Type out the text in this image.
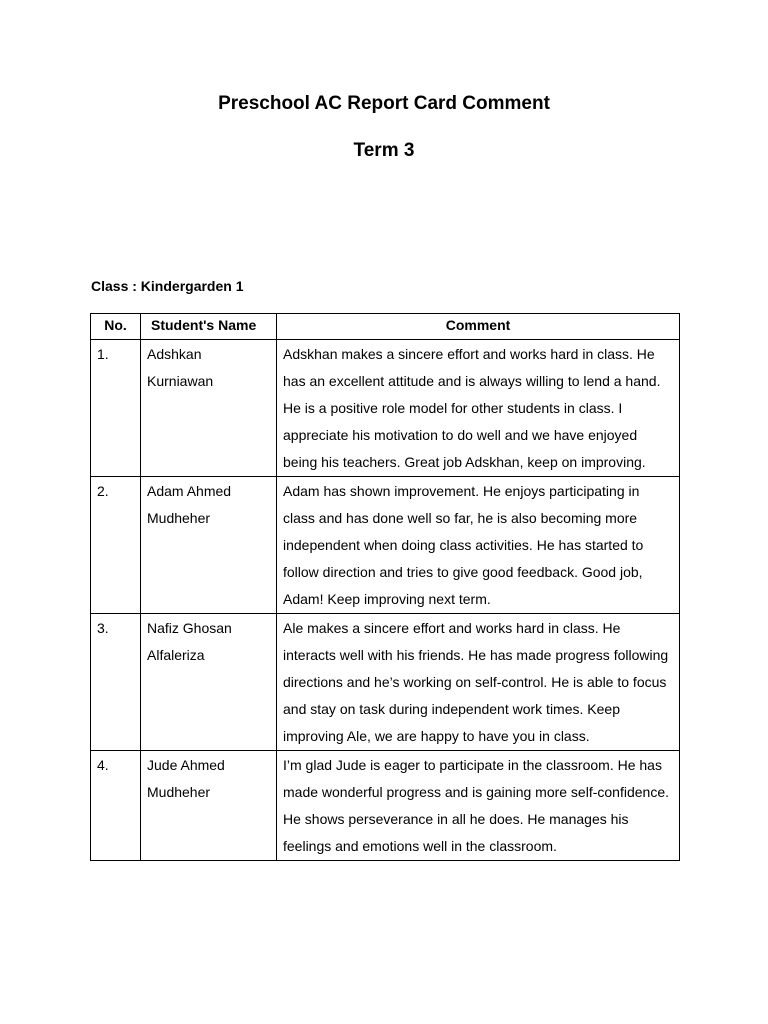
Preschool AC Report Card Comment
Term 3
Class : Kindergarden 1
No.	Student's Name	Comment
1.	Adshkan Kurniawan	Adskhan makes a sincere effort and works hard in class. He has an excellent attitude and is always willing to lend a hand. He is a positive role model for other students in class. I appreciate his motivation to do well and we have enjoyed being his teachers. Great job Adskhan, keep on improving.
2.	Adam Ahmed Mudheher	Adam has shown improvement. He enjoys participating in class and has done well so far, he is also becoming more independent when doing class activities. He has started to follow direction and tries to give good feedback. Good job, Adam! Keep improving next term.
3.	Nafiz Ghosan Alfaleriza	Ale makes a sincere effort and works hard in class. He interacts well with his friends. He has made progress following directions and he’s working on self-control. He is able to focus and stay on task during independent work times. Keep improving Ale, we are happy to have you in class.
4.	Jude Ahmed Mudheher	I’m glad Jude is eager to participate in the classroom. He has made wonderful progress and is gaining more self-confidence. He shows perseverance in all he does. He manages his feelings and emotions well in the classroom.
